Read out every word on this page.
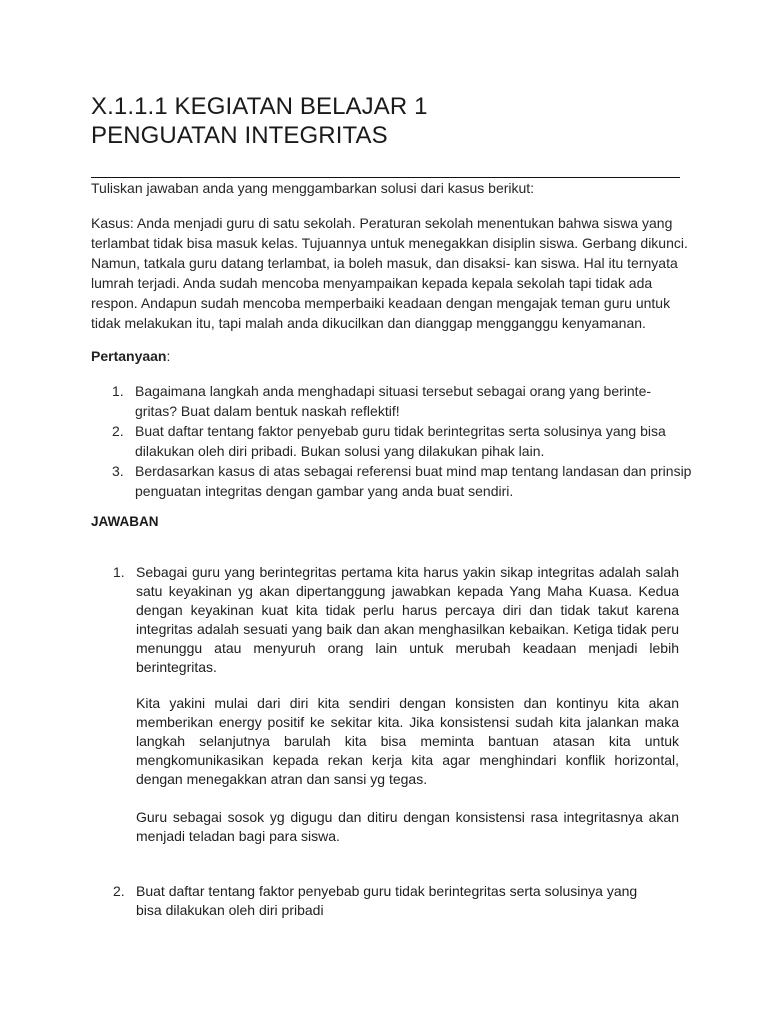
X.1.1.1 KEGIATAN BELAJAR 1
PENGUATAN INTEGRITAS
Tuliskan jawaban anda yang menggambarkan solusi dari kasus berikut:
Kasus: Anda menjadi guru di satu sekolah. Peraturan sekolah menentukan bahwa siswa yang terlambat tidak bisa masuk kelas. Tujuannya untuk menegakkan disiplin siswa. Gerbang dikunci. Namun, tatkala guru datang terlambat, ia boleh masuk, dan disaksi- kan siswa. Hal itu ternyata lumrah terjadi. Anda sudah mencoba menyampaikan kepada kepala sekolah tapi tidak ada respon. Andapun sudah mencoba memperbaiki keadaan dengan mengajak teman guru untuk tidak melakukan itu, tapi malah anda dikucilkan dan dianggap mengganggu kenyamanan.
Pertanyaan:
1. Bagaimana langkah anda menghadapi situasi tersebut sebagai orang yang berinte- gritas? Buat dalam bentuk naskah reflektif!
2. Buat daftar tentang faktor penyebab guru tidak berintegritas serta solusinya yang bisa dilakukan oleh diri pribadi. Bukan solusi yang dilakukan pihak lain.
3. Berdasarkan kasus di atas sebagai referensi buat mind map tentang landasan dan prinsip penguatan integritas dengan gambar yang anda buat sendiri.
JAWABAN
1. Sebagai guru yang berintegritas pertama kita harus yakin sikap integritas adalah salah satu keyakinan yg akan dipertanggung jawabkan kepada Yang Maha Kuasa. Kedua dengan keyakinan kuat kita tidak perlu harus percaya diri dan tidak takut karena integritas adalah sesuati yang baik dan akan menghasilkan kebaikan. Ketiga tidak peru menunggu atau menyuruh orang lain untuk merubah keadaan menjadi lebih berintegritas.
Kita yakini mulai dari diri kita sendiri dengan konsisten dan kontinyu kita akan memberikan energy positif ke sekitar kita. Jika konsistensi sudah kita jalankan maka langkah selanjutnya barulah kita bisa meminta bantuan atasan kita untuk mengkomunikasikan kepada rekan kerja kita agar menghindari konflik horizontal, dengan menegakkan atran dan sansi yg tegas.
Guru sebagai sosok yg digugu dan ditiru dengan konsistensi rasa integritasnya akan menjadi teladan bagi para siswa.
2. Buat daftar tentang faktor penyebab guru tidak berintegritas serta solusinya yang bisa dilakukan oleh diri pribadi
